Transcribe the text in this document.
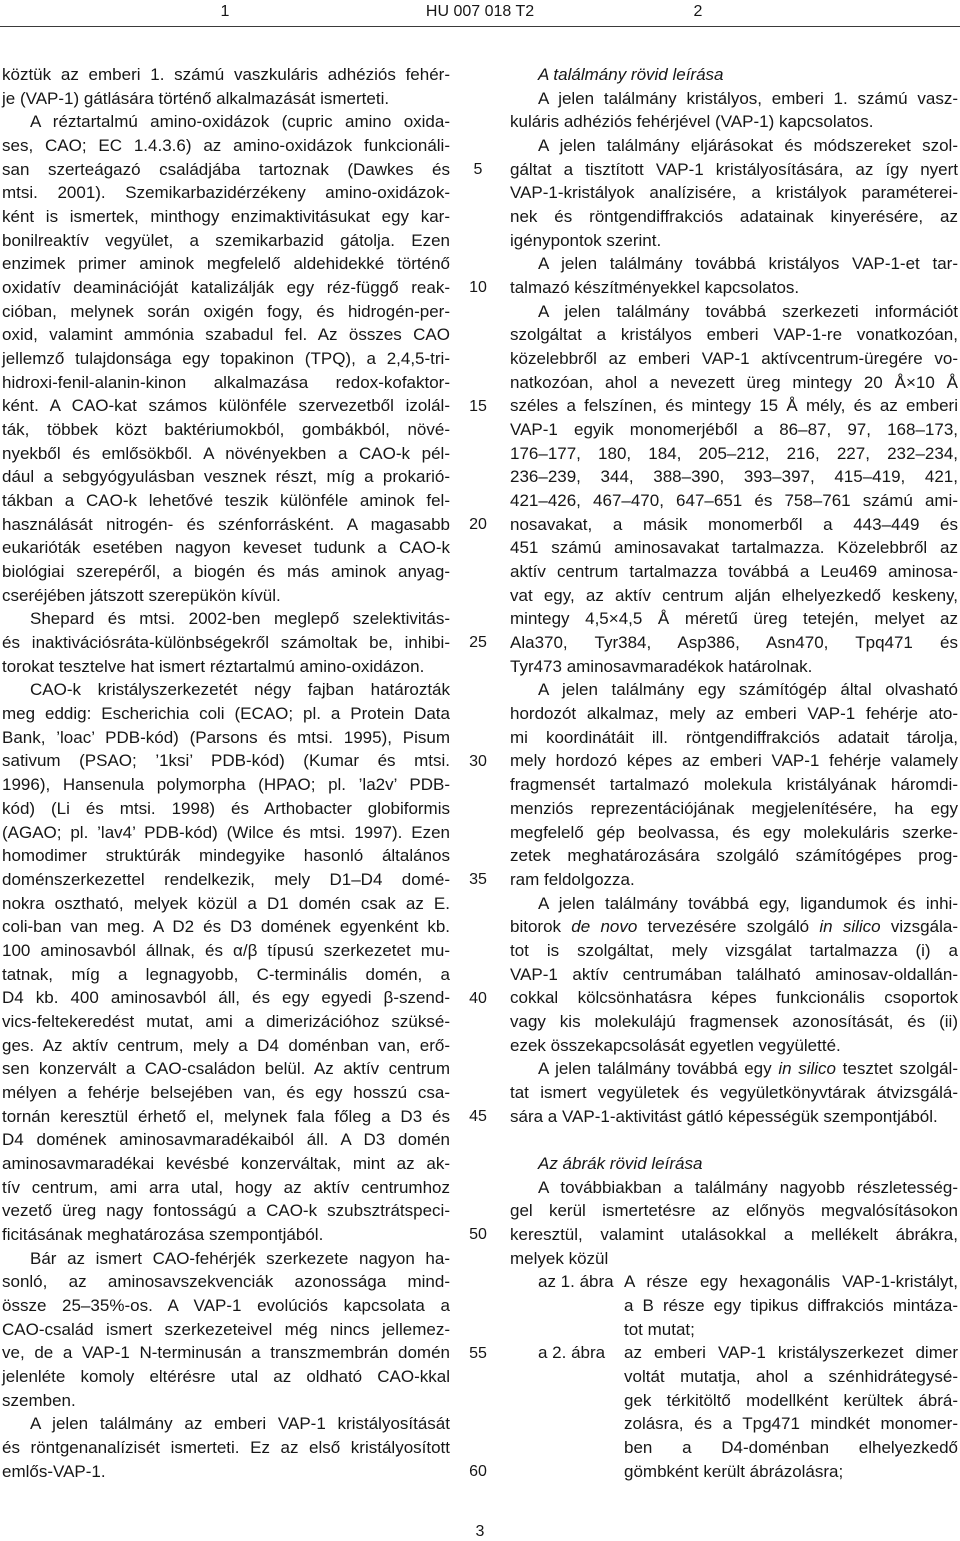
1	HU 007 018 T2	2
köztük az emberi 1. számú vaszkuláris adhéziós fehér-
je (VAP-1) gátlására történő alkalmazását ismerteti.
A réztartalmú amino-oxidázok (cupric amino oxida-
ses, CAO; EC 1.4.3.6) az amino-oxidázok funkcionáli-
san szerteágazó családjába tartoznak (Dawkes és
mtsi. 2001). Szemikarbazidérzékeny amino-oxidázok-
ként is ismertek, minthogy enzimaktivitásukat egy kar-
bonilreaktív vegyület, a szemikarbazid gátolja. Ezen
enzimek primer aminok megfelelő aldehidekké történő
oxidatív deaminációját katalizálják egy réz-függő reak-
cióban, melynek során oxigén fogy, és hidrogén-per-
oxid, valamint ammónia szabadul fel. Az összes CAO
jellemző tulajdonsága egy topakinon (TPQ), a 2,4,5-tri-
hidroxi-fenil-alanin-kinon alkalmazása redox-kofaktor-
ként. A CAO-kat számos különféle szervezetből izolál-
ták, többek közt baktériumokból, gombákból, növé-
nyekből és emlősökből. A növényekben a CAO-k pél-
dául a sebgyógyulásban vesznek részt, míg a prokarió-
tákban a CAO-k lehetővé teszik különféle aminok fel-
használását nitrogén- és szénforrásként. A magasabb
eukarióták esetében nagyon keveset tudunk a CAO-k
biológiai szerepéről, a biogén és más aminok anyag-
cseréjében játszott szerepükön kívül.
Shepard és mtsi. 2002-ben meglepő szelektivitás-
és inaktivációsráta-különbségekről számoltak be, inhibi-
torokat tesztelve hat ismert réztartalmú amino-oxidázon.
CAO-k kristályszerkezetét négy fajban határozták
meg eddig: Escherichia coli (ECAO; pl. a Protein Data
Bank, ’loac’ PDB-kód) (Parsons és mtsi. 1995), Pisum
sativum (PSAO; ’1ksi’ PDB-kód) (Kumar és mtsi.
1996), Hansenula polymorpha (HPAO; pl. ’la2v’ PDB-
kód) (Li és mtsi. 1998) és Arthobacter globiformis
(AGAO; pl. ’lav4’ PDB-kód) (Wilce és mtsi. 1997). Ezen
homodimer struktúrák mindegyike hasonló általános
doménszerkezettel rendelkezik, mely D1–D4 domé-
nokra osztható, melyek közül a D1 domén csak az E.
coli-ban van meg. A D2 és D3 domének egyenként kb.
100 aminosavból állnak, és α/β típusú szerkezetet mu-
tatnak, míg a legnagyobb, C-terminális domén, a
D4 kb. 400 aminosavból áll, és egy egyedi β-szend-
vics-feltekeredést mutat, ami a dimerizációhoz szüksé-
ges. Az aktív centrum, mely a D4 doménban van, erő-
sen konzervált a CAO-családon belül. Az aktív centrum
mélyen a fehérje belsejében van, és egy hosszú csa-
tornán keresztül érhető el, melynek fala főleg a D3 és
D4 domének aminosavmaradékaiból áll. A D3 domén
aminosavmaradékai kevésbé konzerváltak, mint az ak-
tív centrum, ami arra utal, hogy az aktív centrumhoz
vezető üreg nagy fontosságú a CAO-k szubsztrátspeci-
ficitásának meghatározása szempontjából.
Bár az ismert CAO-fehérjék szerkezete nagyon ha-
sonló, az aminosavszekvenciák azonossága mind-
össze 25–35%-os. A VAP-1 evolúciós kapcsolata a
CAO-család ismert szerkezeteivel még nincs jellemez-
ve, de a VAP-1 N-terminusán a transzmembrán domén
jelenléte komoly eltérésre utal az oldható CAO-kkal
szemben.
A jelen találmány az emberi VAP-1 kristályosítását
és röntgenanalízisét ismerteti. Ez az első kristályosított
emlős-VAP-1.
5
10
15
20
25
30
35
40
45
50
55
60
A találmány rövid leírása
A jelen találmány kristályos, emberi 1. számú vasz-
kuláris adhéziós fehérjével (VAP-1) kapcsolatos.
A jelen találmány eljárásokat és módszereket szol-
gáltat a tisztított VAP-1 kristályosítására, az így nyert
VAP-1-kristályok analízisére, a kristályok paraméterei-
nek és röntgendiffrakciós adatainak kinyerésére, az
igénypontok szerint.
A jelen találmány továbbá kristályos VAP-1-et tar-
talmazó készítményekkel kapcsolatos.
A jelen találmány továbbá szerkezeti információt
szolgáltat a kristályos emberi VAP-1-re vonatkozóan,
közelebbről az emberi VAP-1 aktívcentrum-üregére vo-
natkozóan, ahol a nevezett üreg mintegy 20 Å×10 Å
széles a felszínen, és mintegy 15 Å mély, és az emberi
VAP-1 egyik monomerjéből a 86–87, 97, 168–173,
176–177, 180, 184, 205–212, 216, 227, 232–234,
236–239, 344, 388–390, 393–397, 415–419, 421,
421–426, 467–470, 647–651 és 758–761 számú ami-
nosavakat, a másik monomerből a 443–449 és
451 számú aminosavakat tartalmazza. Közelebbről az
aktív centrum tartalmazza továbbá a Leu469 aminosa-
vat egy, az aktív centrum alján elhelyezkedő keskeny,
mintegy 4,5×4,5 Å méretű üreg tetején, melyet az
Ala370, Tyr384, Asp386, Asn470, Tpq471 és
Tyr473 aminosavmaradékok határolnak.
A jelen találmány egy számítógép által olvasható
hordozót alkalmaz, mely az emberi VAP-1 fehérje ato-
mi koordinátáit ill. röntgendiffrakciós adatait tárolja,
mely hordozó képes az emberi VAP-1 fehérje valamely
fragmensét tartalmazó molekula kristályának háromdi-
menziós reprezentációjának megjelenítésére, ha egy
megfelelő gép beolvassa, és egy molekuláris szerke-
zetek meghatározására szolgáló számítógépes prog-
ram feldolgozza.
A jelen találmány továbbá egy, ligandumok és inhi-
bitorok de novo tervezésére szolgáló in silico vizsgála-
tot is szolgáltat, mely vizsgálat tartalmazza (i) a
VAP-1 aktív centrumában található aminosav-oldallán-
cokkal kölcsönhatásra képes funkcionális csoportok
vagy kis molekulájú fragmensek azonosítását, és (ii)
ezek összekapcsolását egyetlen vegyületté.
A jelen találmány továbbá egy in silico tesztet szolgál-
tat ismert vegyületek és vegyületkönyvtárak átvizsgálá-
sára a VAP-1-aktivitást gátló képességük szempontjából.
Az ábrák rövid leírása
A továbbiakban a találmány nagyobb részletesség-
gel kerül ismertetésre az előnyös megvalósításokon
keresztül, valamint utalásokkal a mellékelt ábrákra,
melyek közül
az 1. ábra A része egy hexagonális VAP-1-kristályt,
a B része egy tipikus diffrakciós mintáza-
tot mutat;
a 2. ábra az emberi VAP-1 kristályszerkezet dimer
voltát mutatja, ahol a szénhidrátegysé-
gek térkitöltő modellként kerültek ábrá-
zolásra, és a Tpg471 mindkét monomer-
ben a D4-doménban elhelyezkedő
gömbként került ábrázolásra;
3
